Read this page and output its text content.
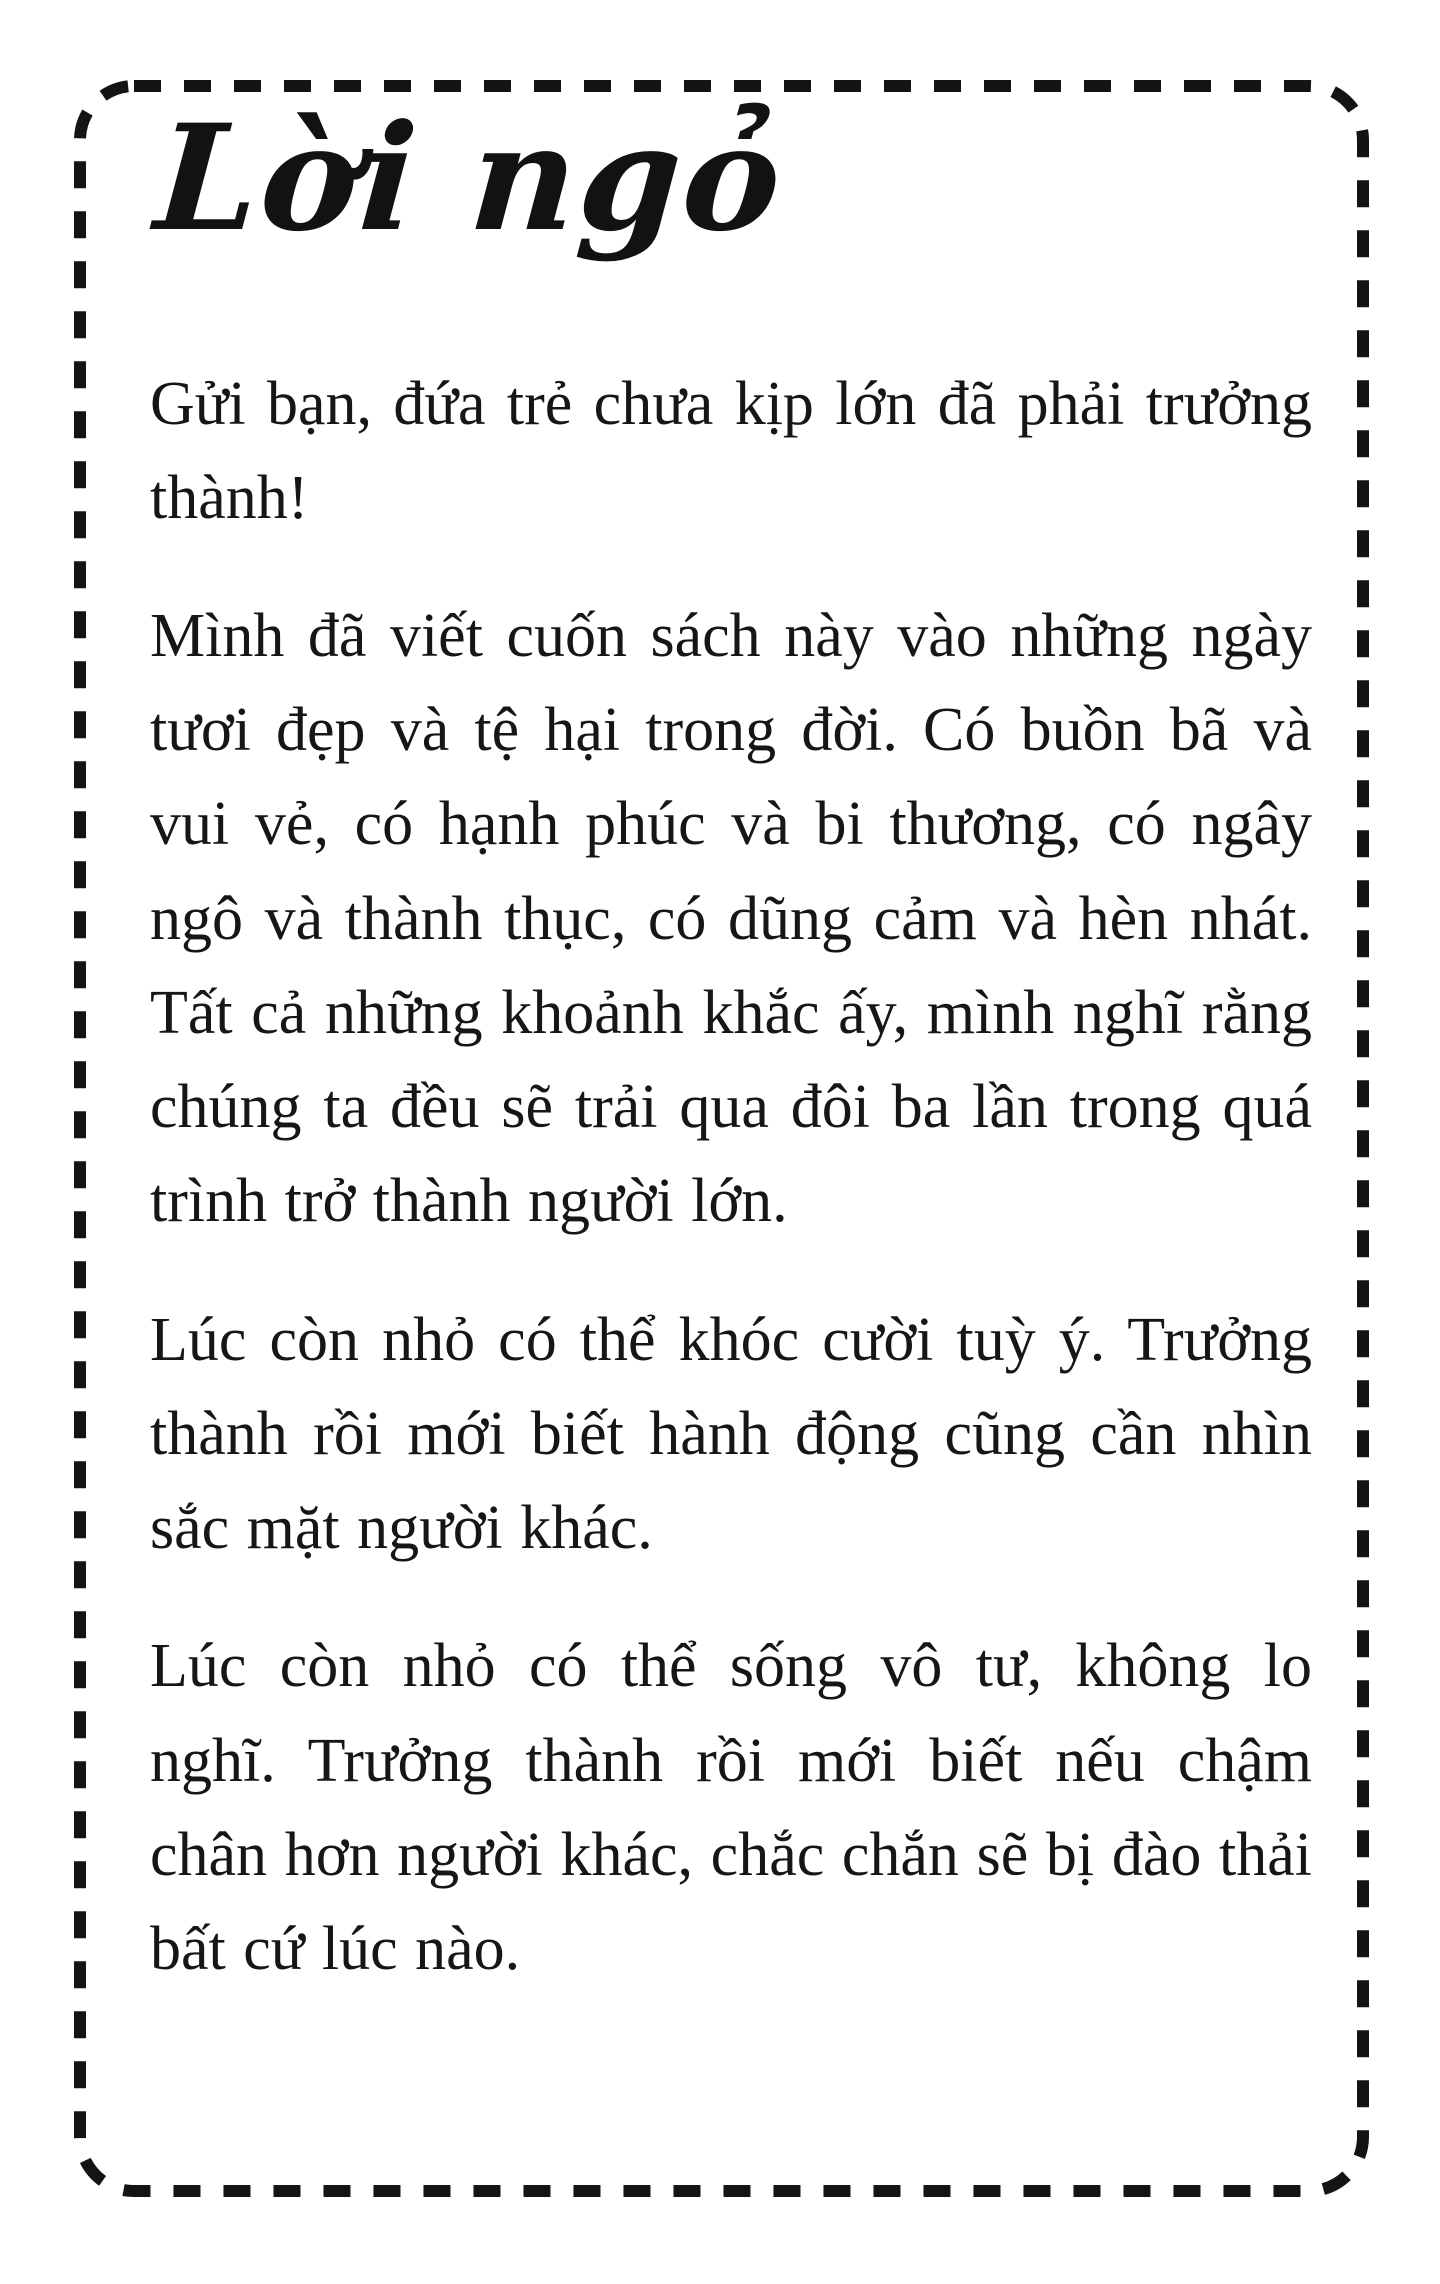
Lời ngỏ

Gửi bạn, đứa trẻ chưa kịp lớn đã phải trưởng thành!

Mình đã viết cuốn sách này vào những ngày tươi đẹp và tệ hại trong đời. Có buồn bã và vui vẻ, có hạnh phúc và bi thương, có ngây ngô và thành thục, có dũng cảm và hèn nhát. Tất cả những khoảnh khắc ấy, mình nghĩ rằng chúng ta đều sẽ trải qua đôi ba lần trong quá trình trở thành người lớn.

Lúc còn nhỏ có thể khóc cười tuỳ ý. Trưởng thành rồi mới biết hành động cũng cần nhìn sắc mặt người khác.

Lúc còn nhỏ có thể sống vô tư, không lo nghĩ. Trưởng thành rồi mới biết nếu chậm chân hơn người khác, chắc chắn sẽ bị đào thải bất cứ lúc nào.
